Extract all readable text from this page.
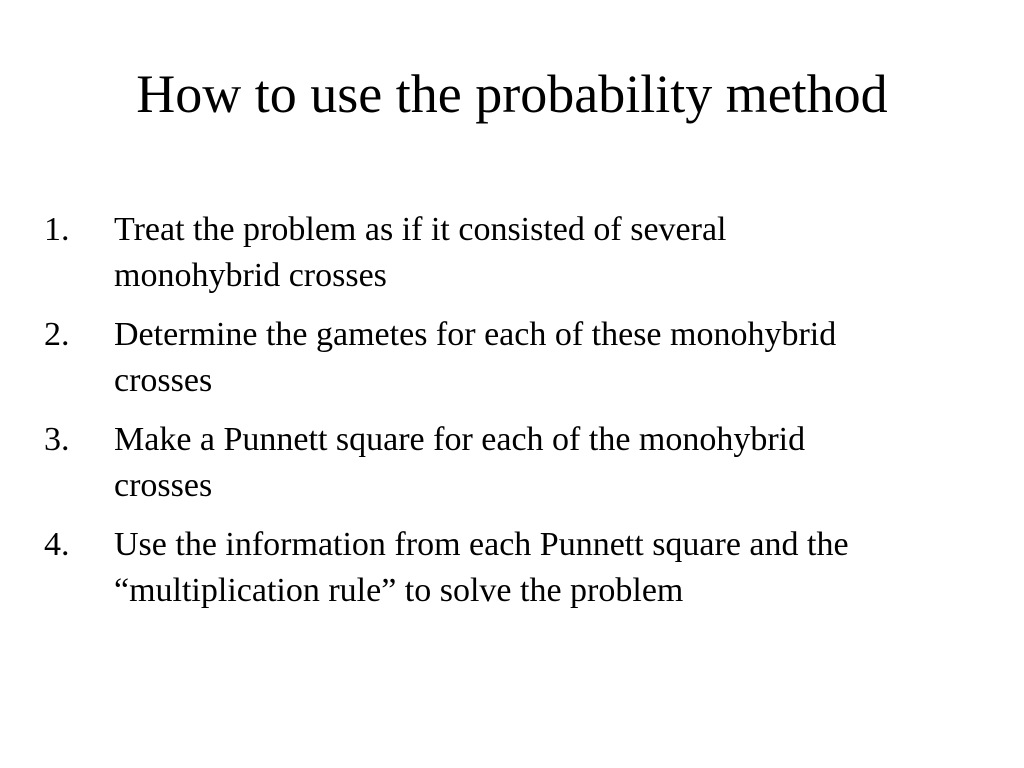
How to use the probability method
1. Treat the problem as if it consisted of several
monohybrid crosses
2. Determine the gametes for each of these monohybrid
crosses
3. Make a Punnett square for each of the monohybrid
crosses
4. Use the information from each Punnett square and the
“multiplication rule” to solve the problem
